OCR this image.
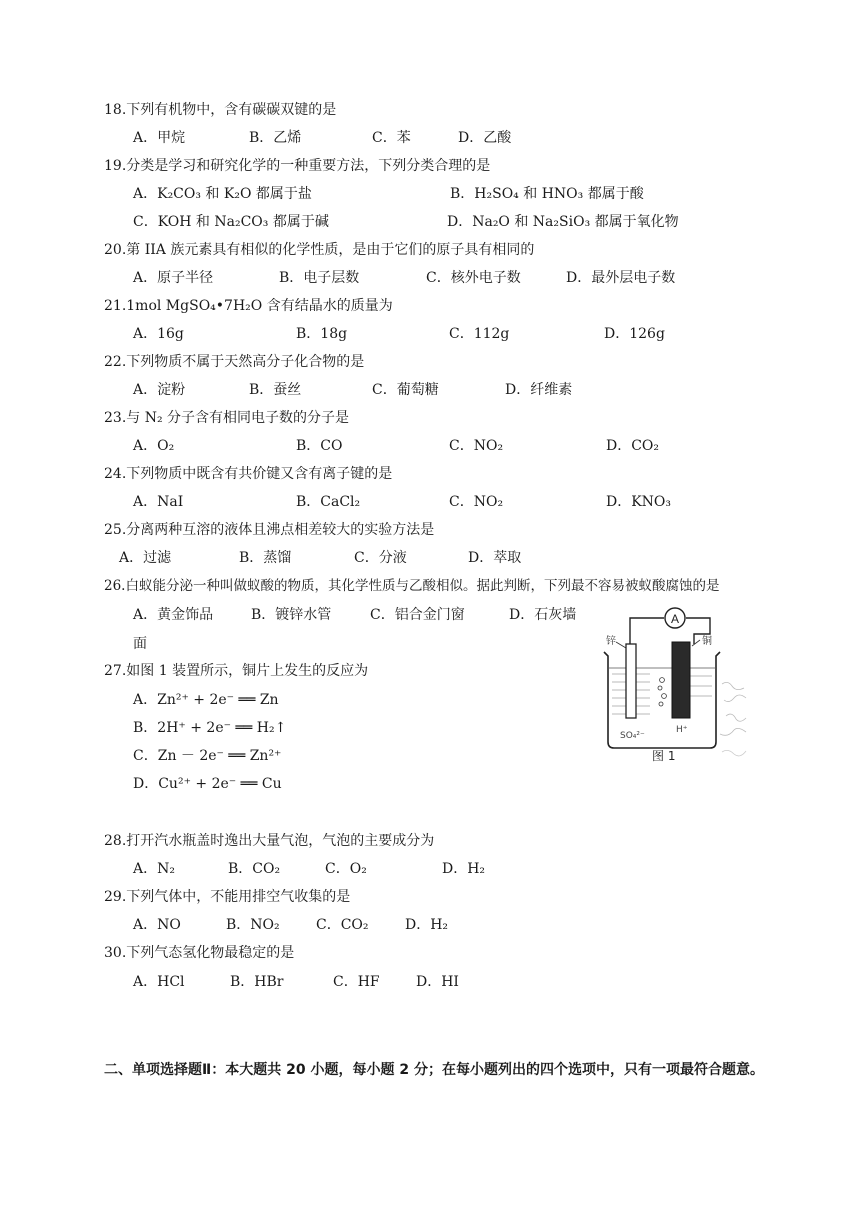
18.下列有机物中，含有碳碳双键的是
A．甲烷	B．乙烯	C．苯	D．乙酸
19.分类是学习和研究化学的一种重要方法，下列分类合理的是
A．K₂CO₃ 和 K₂O 都属于盐	B．H₂SO₄ 和 HNO₃ 都属于酸
C．KOH 和 Na₂CO₃ 都属于碱	D．Na₂O 和 Na₂SiO₃ 都属于氧化物
20.第 IIA 族元素具有相似的化学性质，是由于它们的原子具有相同的
A．原子半径	B．电子层数	C．核外电子数	D．最外层电子数
21.1mol MgSO₄•7H₂O 含有结晶水的质量为
A．16g	B．18g	C．112g	D．126g
22.下列物质不属于天然高分子化合物的是
A．淀粉	B．蚕丝	C．葡萄糖	D．纤维素
23.与 N₂ 分子含有相同电子数的分子是
A．O₂	B．CO	C．NO₂	D．CO₂
24.下列物质中既含有共价键又含有离子键的是
A．NaI	B．CaCl₂	C．NO₂	D．KNO₃
25.分离两种互溶的液体且沸点相差较大的实验方法是
A．过滤	B．蒸馏	C．分液	D．萃取
26.白蚁能分泌一种叫做蚁酸的物质，其化学性质与乙酸相似。据此判断，下列最不容易被蚁酸腐蚀的是
A．黄金饰品	B．镀锌水管	C．铝合金门窗	D．石灰墙
面
27.如图 1 装置所示，铜片上发生的反应为
A．Zn²⁺ + 2e⁻ ══ Zn
B．2H⁺ + 2e⁻ ══ H₂↑
C．Zn － 2e⁻ ══ Zn²⁺
D．Cu²⁺ + 2e⁻ ══ Cu
A
锌	铜
SO₄²⁻
H⁺
图 1
28.打开汽水瓶盖时逸出大量气泡，气泡的主要成分为
A．N₂	B．CO₂	C．O₂	D．H₂
29.下列气体中，不能用排空气收集的是
A．NO	B．NO₂	C．CO₂	D．H₂
30.下列气态氢化物最稳定的是
A．HCl	B．HBr	C．HF	D．HI
二、单项选择题Ⅱ：本大题共 20 小题，每小题 2 分；在每小题列出的四个选项中，只有一项最符合题意。
